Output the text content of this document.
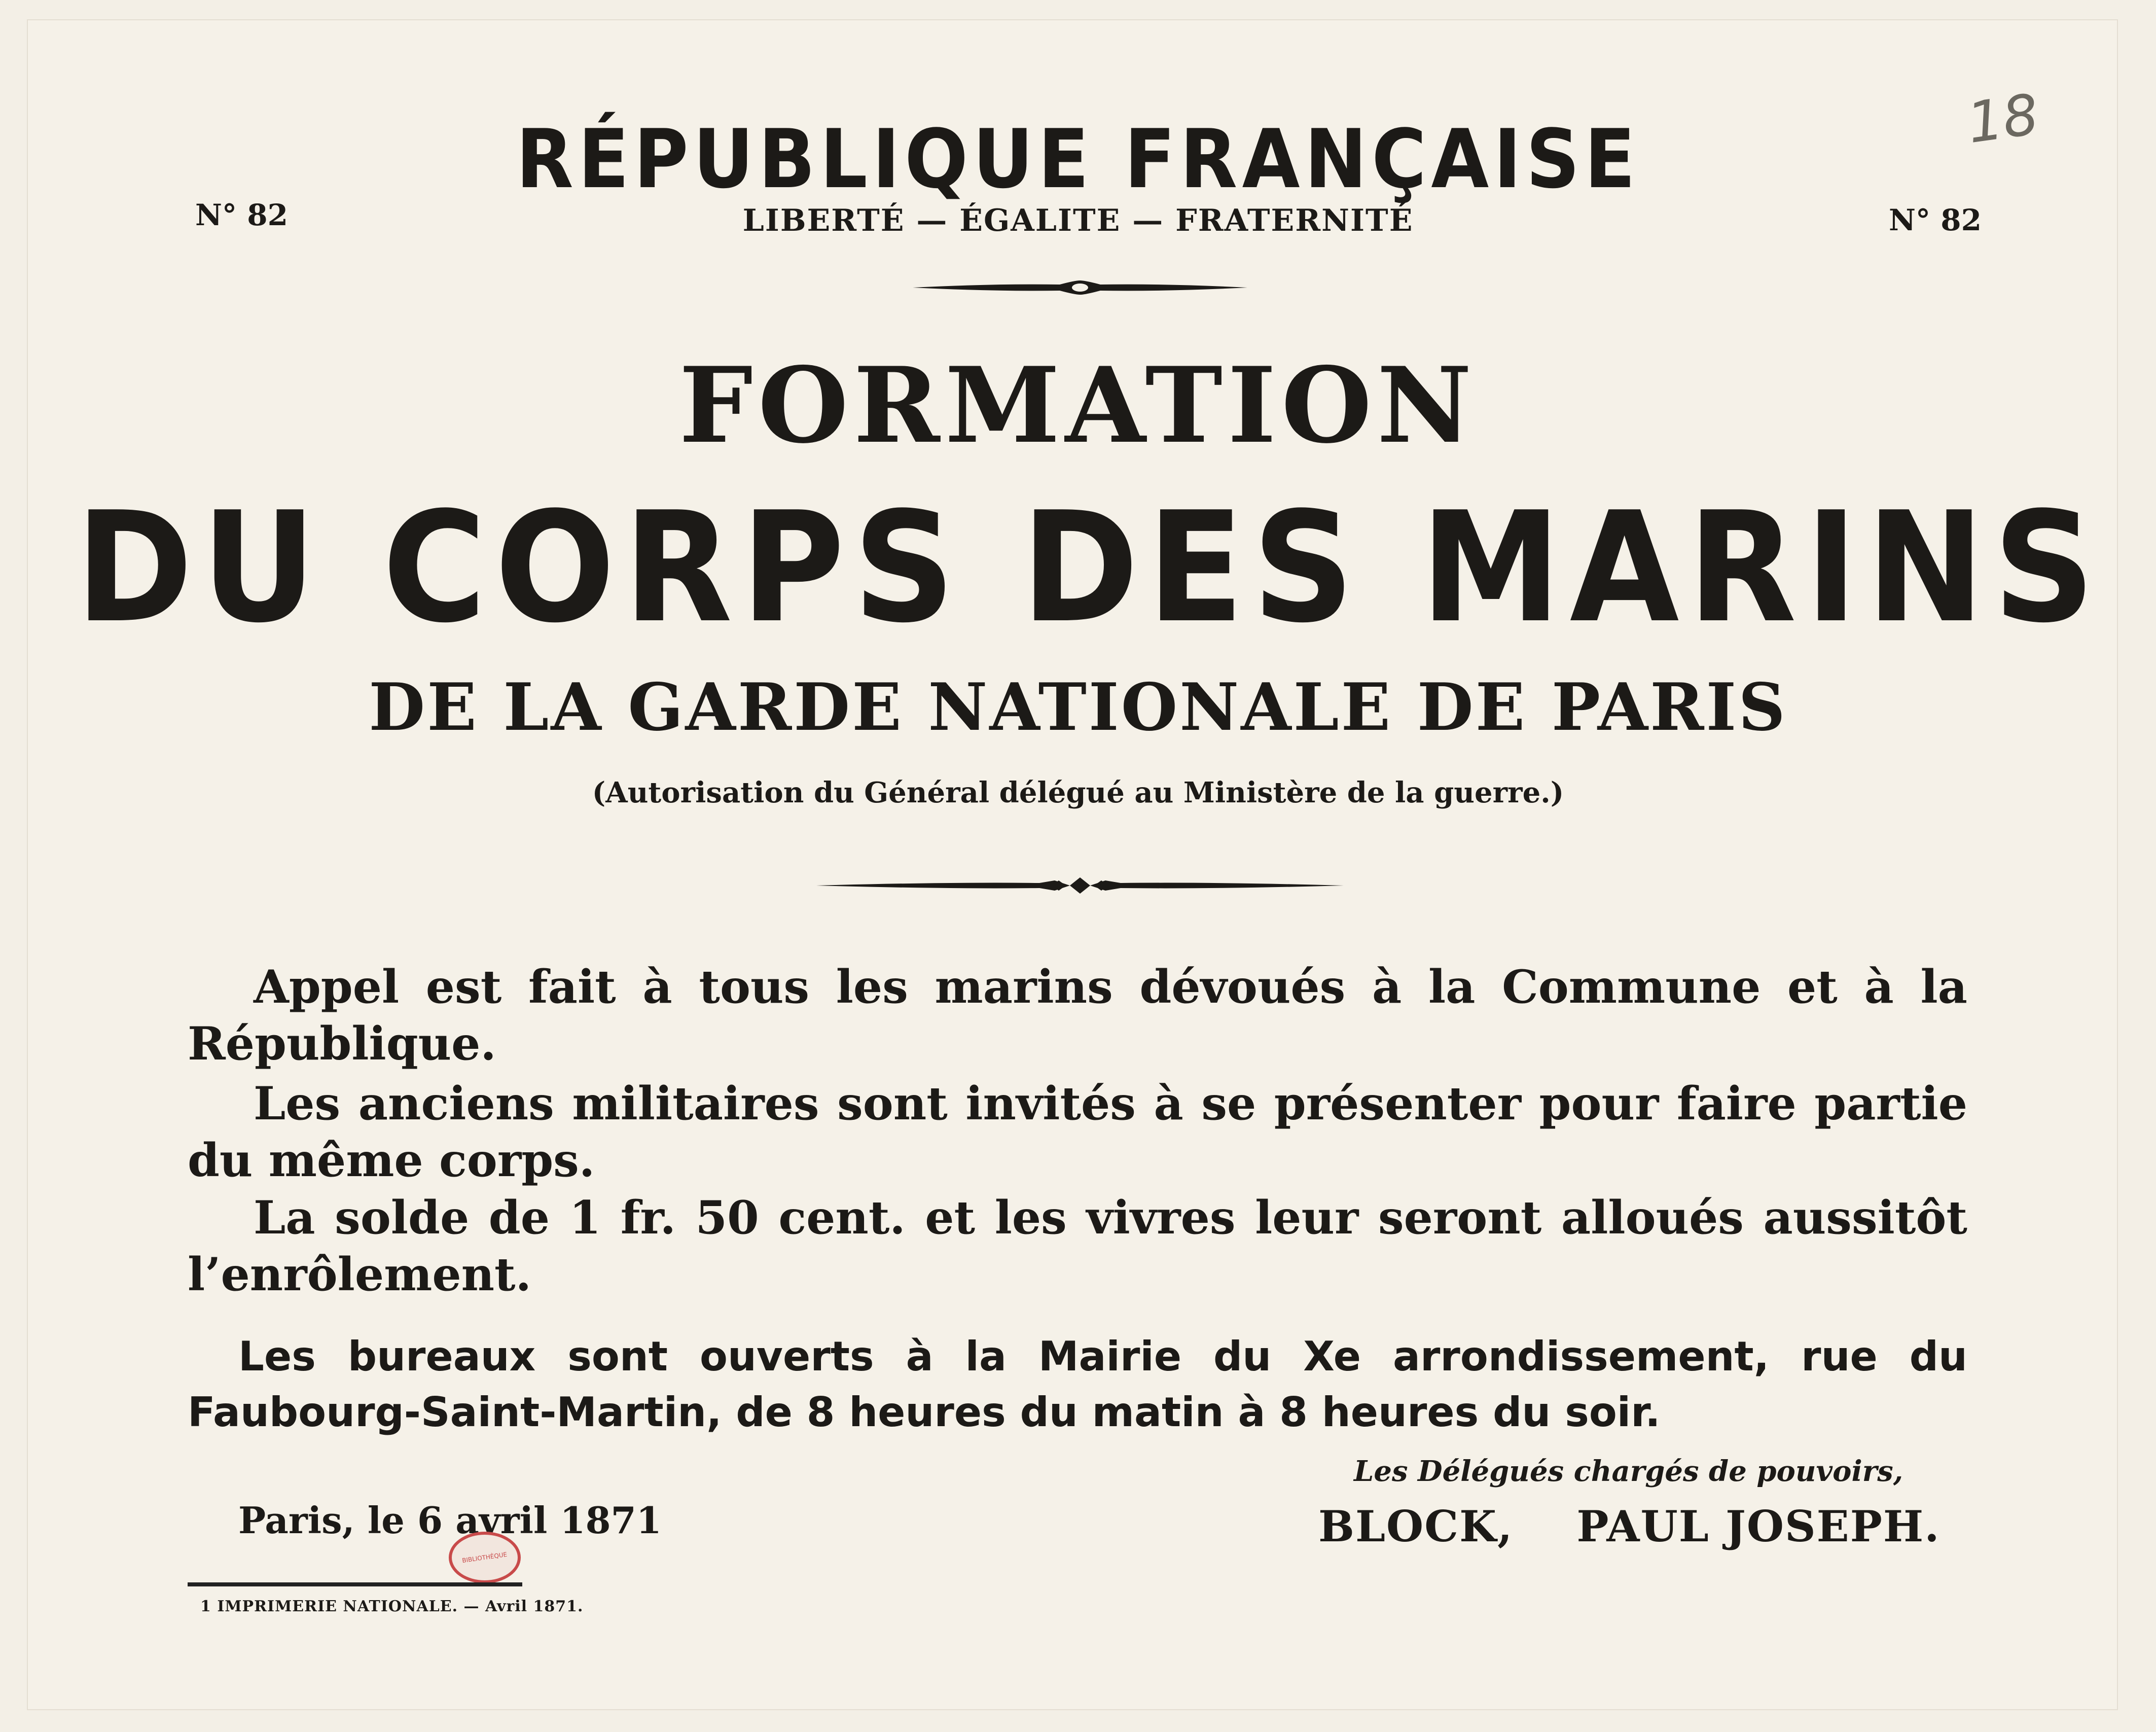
18

N° 82	N° 82

RÉPUBLIQUE FRANÇAISE

LIBERTÉ — ÉGALITE — FRATERNITÉ

FORMATION

DU CORPS DES MARINS

DE LA GARDE NATIONALE DE PARIS

(Autorisation du Général délégué au Ministère de la guerre.)

Appel est fait à tous les marins dévoués à la Commune et à la République.

Les anciens militaires sont invités à se présenter pour faire partie du même corps.

La solde de 1 fr. 50 cent. et les vivres leur seront alloués aussitôt l’enrôlement.

Les bureaux sont ouverts à la Mairie du Xe arrondissement, rue du Faubourg-Saint-Martin, de 8 heures du matin à 8 heures du soir.

Paris, le 6 avril 1871

Les Délégués chargés de pouvoirs,

BLOCK,    PAUL JOSEPH.

BIBLIOTHÈQUE

1 IMPRIMERIE NATIONALE. — Avril 1871.
